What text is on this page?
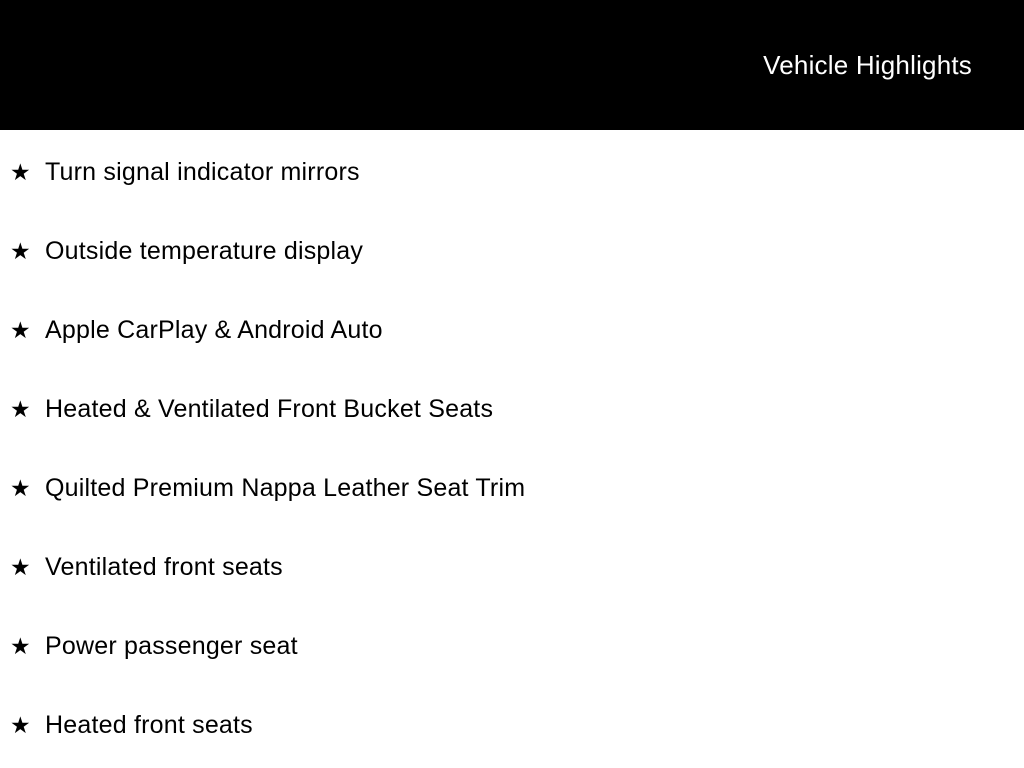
Vehicle Highlights
★ Turn signal indicator mirrors
★ Outside temperature display
★ Apple CarPlay & Android Auto
★ Heated & Ventilated Front Bucket Seats
★ Quilted Premium Nappa Leather Seat Trim
★ Ventilated front seats
★ Power passenger seat
★ Heated front seats
